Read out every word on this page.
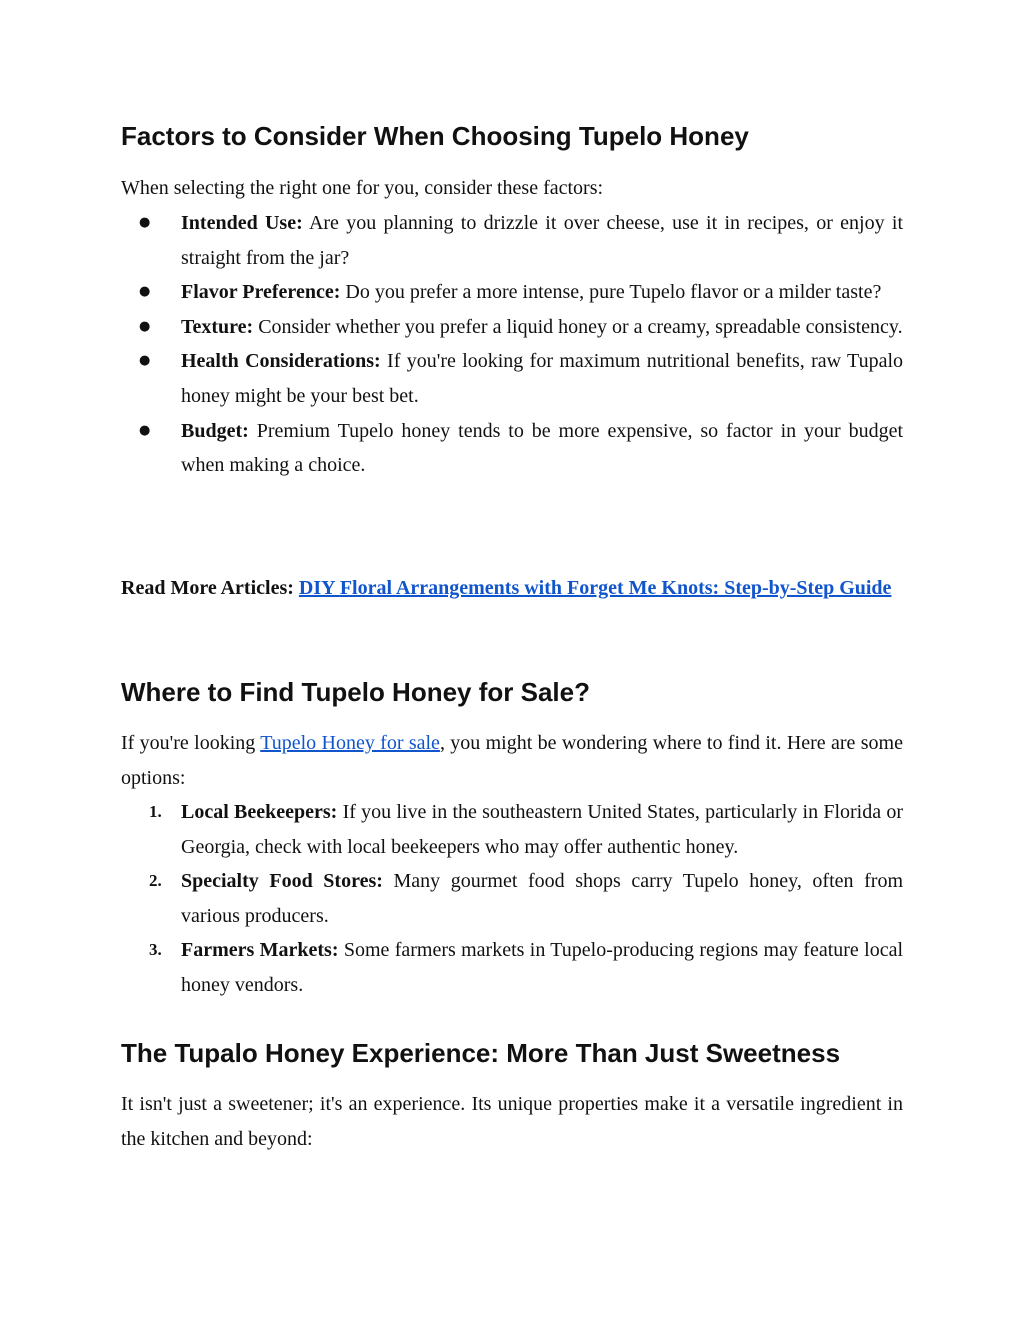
Factors to Consider When Choosing Tupelo Honey

When selecting the right one for you, consider these factors:

● Intended Use: Are you planning to drizzle it over cheese, use it in recipes, or enjoy it straight from the jar?
● Flavor Preference: Do you prefer a more intense, pure Tupelo flavor or a milder taste?
● Texture: Consider whether you prefer a liquid honey or a creamy, spreadable consistency.
● Health Considerations: If you're looking for maximum nutritional benefits, raw Tupalo honey might be your best bet.
● Budget: Premium Tupelo honey tends to be more expensive, so factor in your budget when making a choice.

Read More Articles: DIY Floral Arrangements with Forget Me Knots: Step-by-Step Guide

Where to Find Tupelo Honey for Sale?

If you're looking Tupelo Honey for sale, you might be wondering where to find it. Here are some options:

1. Local Beekeepers: If you live in the southeastern United States, particularly in Florida or Georgia, check with local beekeepers who may offer authentic honey.
2. Specialty Food Stores: Many gourmet food shops carry Tupelo honey, often from various producers.
3. Farmers Markets: Some farmers markets in Tupelo-producing regions may feature local honey vendors.
The Tupalo Honey Experience: More Than Just Sweetness

It isn't just a sweetener; it's an experience. Its unique properties make it a versatile ingredient in the kitchen and beyond:
